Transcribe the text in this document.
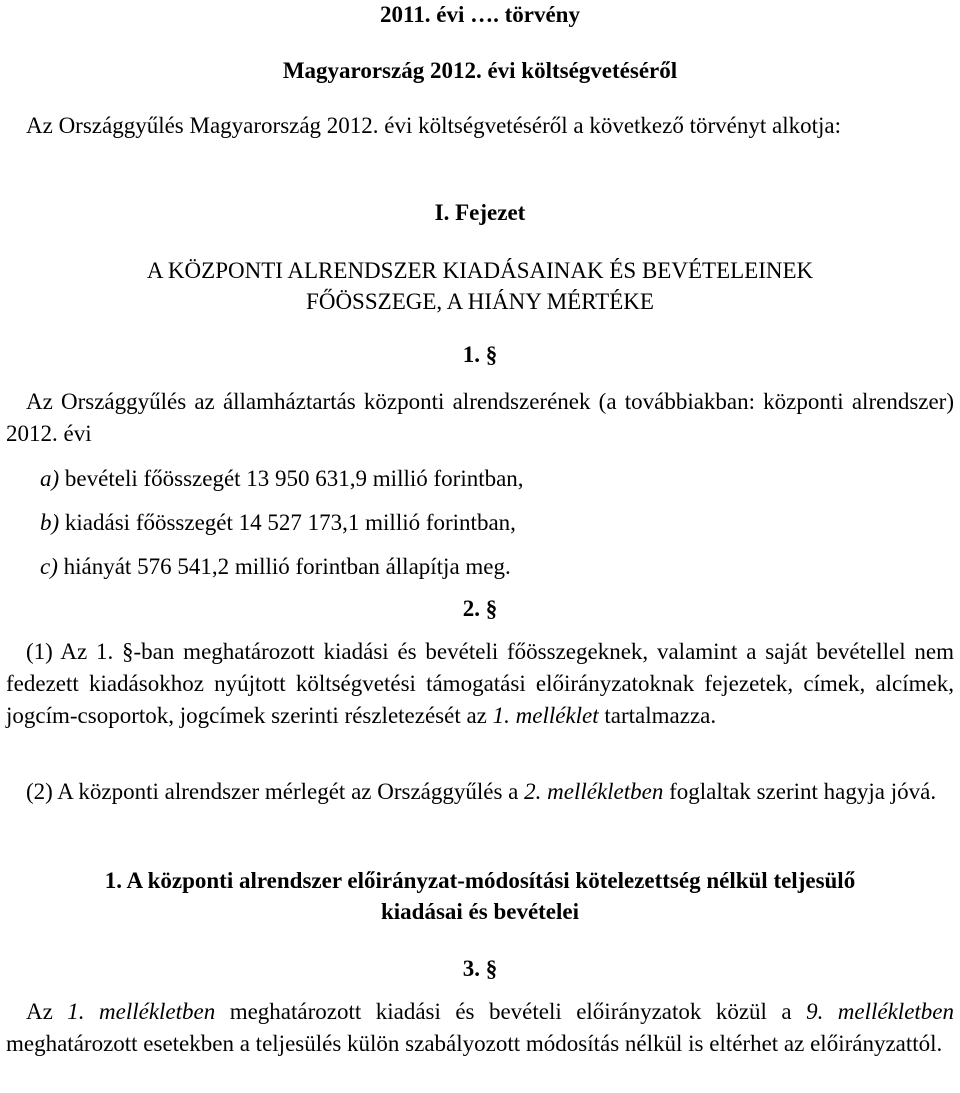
2011. évi …. törvény
Magyarország 2012. évi költségvetéséről
Az Országgyűlés Magyarország 2012. évi költségvetéséről a következő törvényt alkotja:
I. Fejezet
A KÖZPONTI ALRENDSZER KIADÁSAINAK ÉS BEVÉTELEINEK
FŐÖSSZEGE, A HIÁNY MÉRTÉKE
1. §
Az Országgyűlés az államháztartás központi alrendszerének (a továbbiakban: központi alrendszer) 2012. évi
a) bevételi főösszegét 13 950 631,9 millió forintban,
b) kiadási főösszegét 14 527 173,1 millió forintban,
c) hiányát 576 541,2 millió forintban állapítja meg.
2. §
(1) Az 1. §-ban meghatározott kiadási és bevételi főösszegeknek, valamint a saját bevétellel nem fedezett kiadásokhoz nyújtott költségvetési támogatási előirányzatoknak fejezetek, címek, alcímek, jogcím-csoportok, jogcímek szerinti részletezését az 1. melléklet tartalmazza.
(2) A központi alrendszer mérlegét az Országgyűlés a 2. mellékletben foglaltak szerint hagyja jóvá.
1. A központi alrendszer előirányzat-módosítási kötelezettség nélkül teljesülő
kiadásai és bevételei
3. §
Az 1. mellékletben meghatározott kiadási és bevételi előirányzatok közül a 9. mellékletben meghatározott esetekben a teljesülés külön szabályozott módosítás nélkül is eltérhet az előirányzattól.
